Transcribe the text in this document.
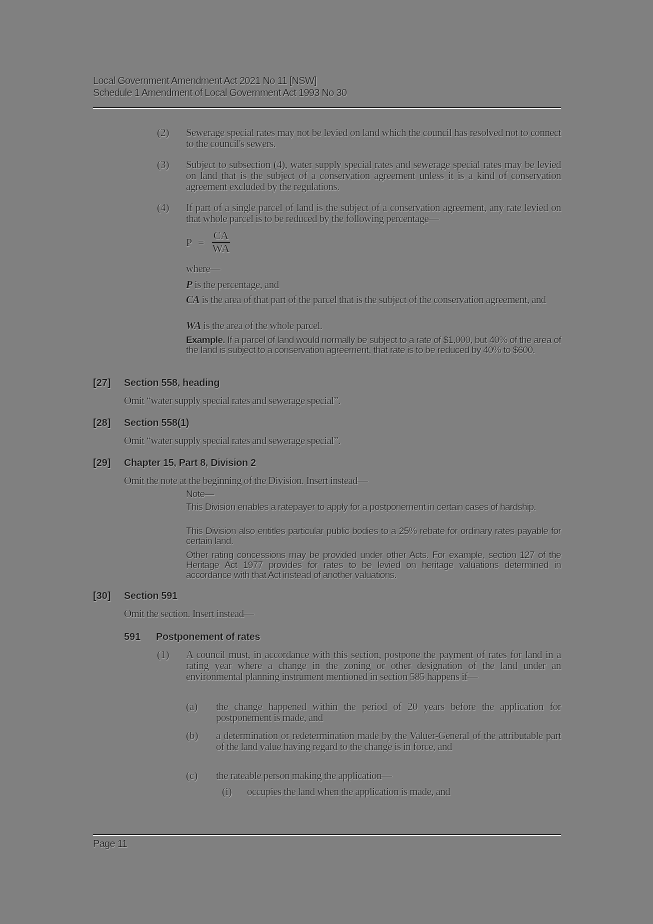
Local Government Amendment Act 2021 No 11 [NSW]
Schedule 1 Amendment of Local Government Act 1993 No 30
(2) Sewerage special rates may not be levied on land which the council has resolved not to connect to the council's sewers.
(3) Subject to subsection (4), water supply special rates and sewerage special rates may be levied on land that is the subject of a conservation agreement unless it is a kind of conservation agreement excluded by the regulations.
(4) If part of a single parcel of land is the subject of a conservation agreement, any rate levied on that whole parcel is to be reduced by the following percentage—
$P = \frac{CA}{WA}$
where—
P is the percentage, and
CA is the area of that part of the parcel that is the subject of the conservation agreement, and
WA is the area of the whole parcel.
Example. If a parcel of land would normally be subject to a rate of $1,000, but 40% of the area of the land is subject to a conservation agreement, that rate is to be reduced by 40% to $600.
[27] Section 558, heading
Omit “water supply special rates and sewerage special”.
[28] Section 558(1)
Omit “water supply special rates and sewerage special”.
[29] Chapter 15, Part 8, Division 2
Omit the note at the beginning of the Division. Insert instead—
Note—
This Division enables a ratepayer to apply for a postponement in certain cases of hardship.
This Division also entitles particular public bodies to a 25% rebate for ordinary rates payable for certain land.
Other rating concessions may be provided under other Acts. For example, section 127 of the Heritage Act 1977 provides for rates to be levied on heritage valuations determined in accordance with that Act instead of another valuations.
[30] Section 591
Omit the section. Insert instead—
591 Postponement of rates
(1) A council must, in accordance with this section, postpone the payment of rates for land in a rating year where a change in the zoning or other designation of the land under an environmental planning instrument mentioned in section 585 happens if—
(a) the change happened within the period of 20 years before the application for postponement is made, and
(b) a determination or redetermination made by the Valuer-General of the attributable part of the land value having regard to the change is in force, and
(c) the rateable person making the application—
(i) occupies the land when the application is made, and
Page 11
